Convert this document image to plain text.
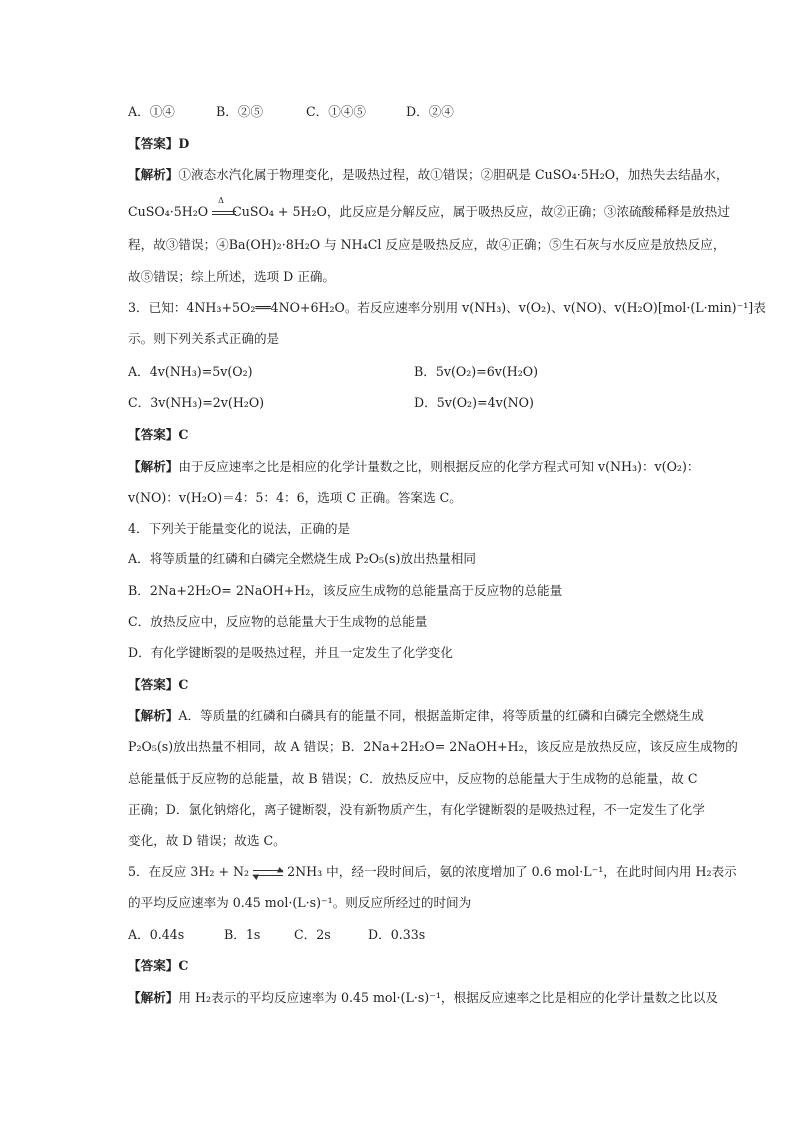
A．①④	B．②⑤	C．①④⑤	D．②④
【答案】D
【解析】①液态水汽化属于物理变化，是吸热过程，故①错误；②胆矾是 CuSO₄·5H₂O，加热失去结晶水，
CuSO₄·5H₂O
Δ
CuSO₄ + 5H₂O，此反应是分解反应，属于吸热反应，故②正确；③浓硫酸稀释是放热过
程，故③错误；④Ba(OH)₂·8H₂O 与 NH₄Cl 反应是吸热反应，故④正确；⑤生石灰与水反应是放热反应，
故⑤错误；综上所述，选项 D 正确。
3．已知：4NH₃+5O₂══4NO+6H₂O。若反应速率分别用 v(NH₃)、v(O₂)、v(NO)、v(H₂O)[mol·(L·min)⁻¹]表
示。则下列关系式正确的是
A．4v(NH₃)=5v(O₂)	B．5v(O₂)=6v(H₂O)
C．3v(NH₃)=2v(H₂O)	D．5v(O₂)=4v(NO)
【答案】C
【解析】由于反应速率之比是相应的化学计量数之比，则根据反应的化学方程式可知 v(NH₃)：v(O₂)：
v(NO)：v(H₂O)＝4：5：4：6，选项 C 正确。答案选 C。
4．下列关于能量变化的说法，正确的是
A．将等质量的红磷和白磷完全燃烧生成 P₂O₅(s)放出热量相同
B．2Na+2H₂O= 2NaOH+H₂，该反应生成物的总能量高于反应物的总能量
C．放热反应中，反应物的总能量大于生成物的总能量
D．有化学键断裂的是吸热过程，并且一定发生了化学变化
【答案】C
【解析】A．等质量的红磷和白磷具有的能量不同，根据盖斯定律，将等质量的红磷和白磷完全燃烧生成
P₂O₅(s)放出热量不相同，故 A 错误；B．2Na+2H₂O= 2NaOH+H₂，该反应是放热反应，该反应生成物的
总能量低于反应物的总能量，故 B 错误；C．放热反应中，反应物的总能量大于生成物的总能量，故 C
正确；D．氯化钠熔化，离子键断裂，没有新物质产生，有化学键断裂的是吸热过程，不一定发生了化学
变化，故 D 错误；故选 C。
5．在反应 3H₂ + N₂	2NH₃ 中，经一段时间后，氨的浓度增加了 0.6 mol·L⁻¹，在此时间内用 H₂表示
的平均反应速率为 0.45 mol·(L·s)⁻¹。则反应所经过的时间为
A．0.44s	B．1s	C．2s	D．0.33s
【答案】C
【解析】用 H₂表示的平均反应速率为 0.45 mol·(L·s)⁻¹，根据反应速率之比是相应的化学计量数之比以及
